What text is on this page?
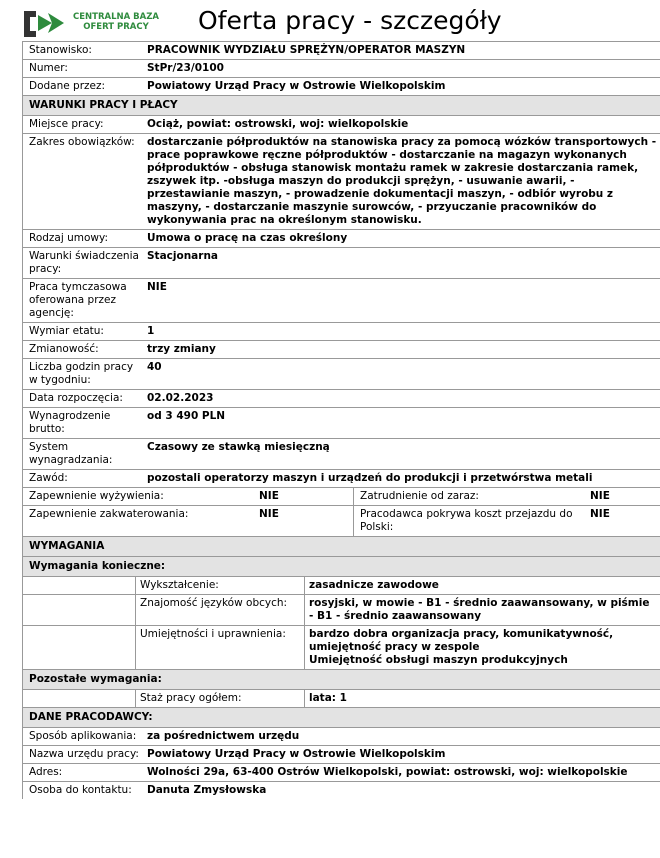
CENTRALNA BAZA
OFERT PRACY	Oferta pracy - szczegóły
Stanowisko:	PRACOWNIK WYDZIAŁU SPRĘŻYN/OPERATOR MASZYN
Numer:	StPr/23/0100
Dodane przez:	Powiatowy Urząd Pracy w Ostrowie Wielkopolskim
WARUNKI PRACY I PŁACY
Miejsce pracy:	Ociąż, powiat: ostrowski, woj: wielkopolskie
Zakres obowiązków:	dostarczanie półproduktów na stanowiska pracy za pomocą wózków transportowych - prace poprawkowe ręczne półproduktów - dostarczanie na magazyn wykonanych półproduktów - obsługa stanowisk montażu ramek w zakresie dostarczania ramek, zszywek itp. -obsługa maszyn do produkcji sprężyn, - usuwanie awarii, - przestawianie maszyn, - prowadzenie dokumentacji maszyn, - odbiór wyrobu z maszyny, - dostarczanie maszynie surowców, - przyuczanie pracowników do wykonywania prac na określonym stanowisku.
Rodzaj umowy:	Umowa o pracę na czas określony
Warunki świadczenia pracy:
Stacjonarna
Praca tymczasowa oferowana przez agencję:
NIE
Wymiar etatu:	1
Zmianowość:	trzy zmiany
Liczba godzin pracy w tygodniu:
40
Data rozpoczęcia:	02.02.2023
Wynagrodzenie brutto:
od 3 490 PLN
System wynagradzania:
Czasowy ze stawką miesięczną
Zawód:	pozostali operatorzy maszyn i urządzeń do produkcji i przetwórstwa metali
Zapewnienie wyżywienia:	NIE	Zatrudnienie od zaraz:	NIE
Zapewnienie zakwaterowania:	NIE	Pracodawca pokrywa koszt przejazdu do Polski:
NIE
WYMAGANIA
Wymagania konieczne:
Wykształcenie:	zasadnicze zawodowe
Znajomość języków obcych:	rosyjski, w mowie - B1 - średnio zaawansowany, w piśmie
- B1 - średnio zaawansowany
Umiejętności i uprawnienia:	bardzo dobra organizacja pracy, komunikatywność,
umiejętność pracy w zespole
Umiejętność obsługi maszyn produkcyjnych
Pozostałe wymagania:
Staż pracy ogółem:	lata: 1
DANE PRACODAWCY:
Sposób aplikowania:	za pośrednictwem urzędu
Nazwa urzędu pracy: Powiatowy Urząd Pracy w Ostrowie Wielkopolskim
Adres:	Wolności 29a, 63-400 Ostrów Wielkopolski, powiat: ostrowski, woj: wielkopolskie
Osoba do kontaktu:	Danuta Zmysłowska
